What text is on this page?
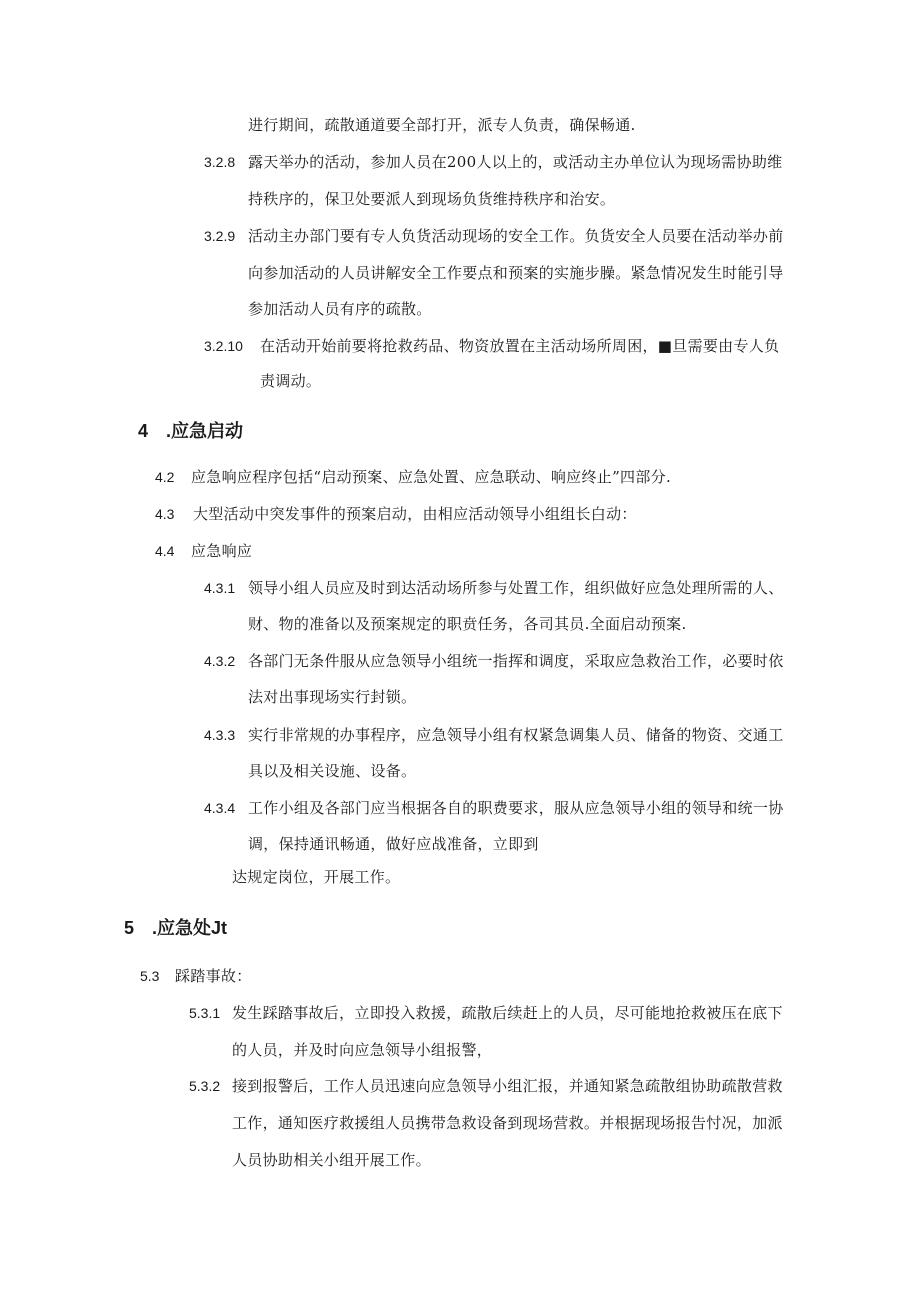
进行期间，疏散通道要全部打开，派专人负责，确保畅通.
3.2.8 露天举办的活动，参加人员在200人以上的，或活动主办单位认为现场需协助维
持秩序的，保卫处要派人到现场负货维持秩序和治安。
3.2.9 活动主办部门要有专人负货活动现场的安全工作。负货安全人员要在活动举办前
向参加活动的人员讲解安全工作要点和预案的实施步臊。紧急情况发生时能引导
参加活动人员有序的疏散。
3.2.10 在活动开始前要将抢救药品、物资放置在主活动场所周困，■旦需要由专人负
责调动。
4　.应急启动
4.2 应急响应程序包括“启动预案、应急处置、应急联动、响应终止”四部分.
4.3 大型活动中突发事件的预案启动，由相应活动领导小组组长白动：
4.4 应急响应
4.3.1 领导小组人员应及时到达活动场所参与处置工作，组织做好应急处理所需的人、
财、物的准备以及预案规定的职贲任务，各司其员.全面启动预案.
4.3.2 各部门无条件服从应急领导小组统一指挥和调度，采取应急救治工作，必要时依
法对出事现场实行封锁。
4.3.3 实行非常规的办事程序，应急领导小组有权紧急调集人员、储备的物资、交通工
具以及相关设施、设备。
4.3.4 工作小组及各部门应当根据各自的职费要求，服从应急领导小组的领导和统一协
调，保持通讯畅通，做好应战准备，立即到
达规定岗位，开展工作。
5　.应急处Jt
5.3 踩踏事故：
5.3.1 发生踩踏事故后，立即投入救援，疏散后续赶上的人员，尽可能地抢救被压在底下
的人员，并及时向应急领导小组报警，
5.3.2 接到报警后，工作人员迅速向应急领导小组汇报，并通知紧急疏散组协助疏散营救
工作，通知医疗救援组人员携带急救设备到现场营救。并根据现场报告忖况，加派
人员协助相关小组开展工作。
